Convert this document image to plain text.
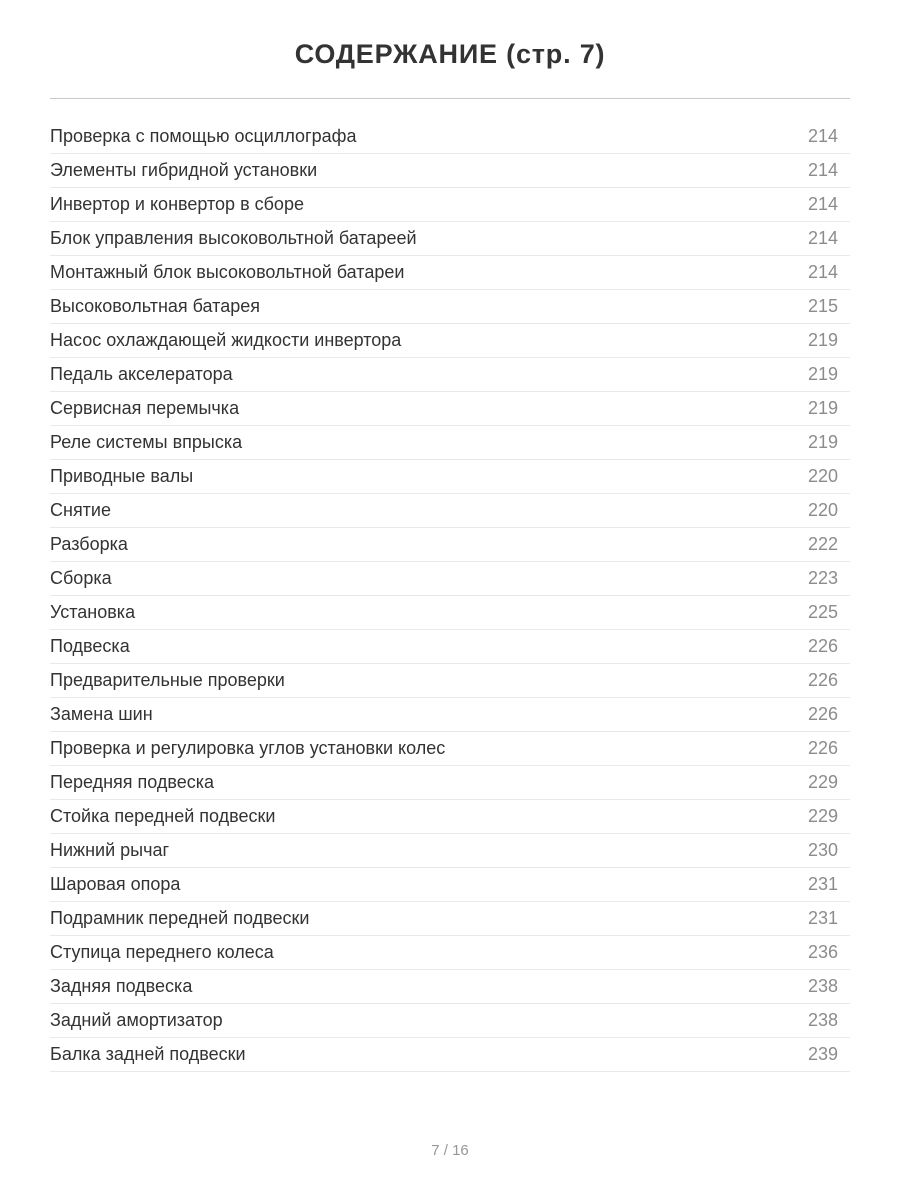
СОДЕРЖАНИЕ (стр. 7)
Проверка с помощью осциллографа	214
Элементы гибридной установки	214
Инвертор и конвертор в сборе	214
Блок управления высоковольтной батареей	214
Монтажный блок высоковольтной батареи	214
Высоковольтная батарея	215
Насос охлаждающей жидкости инвертора	219
Педаль акселератора	219
Сервисная перемычка	219
Реле системы впрыска	219
Приводные валы	220
Снятие	220
Разборка	222
Сборка	223
Установка	225
Подвеска	226
Предварительные проверки	226
Замена шин	226
Проверка и регулировка углов установки колес	226
Передняя подвеска	229
Стойка передней подвески	229
Нижний рычаг	230
Шаровая опора	231
Подрамник передней подвески	231
Ступица переднего колеса	236
Задняя подвеска	238
Задний амортизатор	238
Балка задней подвески	239
7 / 16
